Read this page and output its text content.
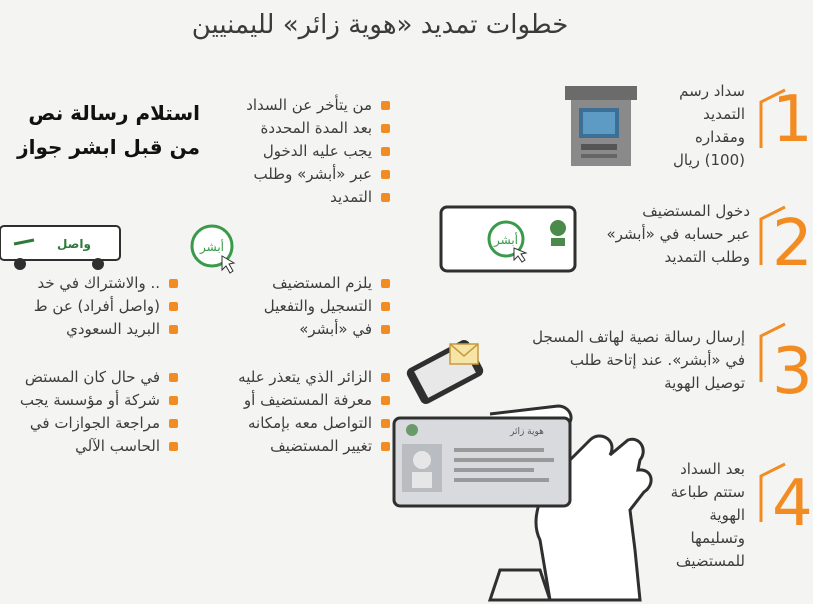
خطوات تمديد «هوية زائر» لليمنيين
استلام رسالة نص
من قبل ابشر جواز
سداد رسم
التمديد
ومقداره
(100) ريال
1
أبشر
دخول المستضيف
عبر حسابه في «أبشر»
وطلب التمديد 2
إرسال رسالة نصية لهاتف المسجل
في «أبشر». عند إتاحة طلب
توصيل الهوية 3
هوية زائر
بعد السداد
ستتم طباعة
الهوية
وتسليمها
للمستضيف
4
من يتأخر عن السداد
بعد المدة المحددة
يجب عليه الدخول
عبر «أبشر» وطلب
التمديد
أبشر
يلزم المستضيف
التسجيل والتفعيل
في «أبشر»
الزائر الذي يتعذر عليه
معرفة المستضيف أو
التواصل معه بإمكانه
تغيير المستضيف
واصل
.. والاشتراك في خد
(واصل أفراد) عن ط
البريد السعودي
في حال كان المستض
شركة أو مؤسسة يجب
مراجعة الجوازات في
الحاسب الآلي
